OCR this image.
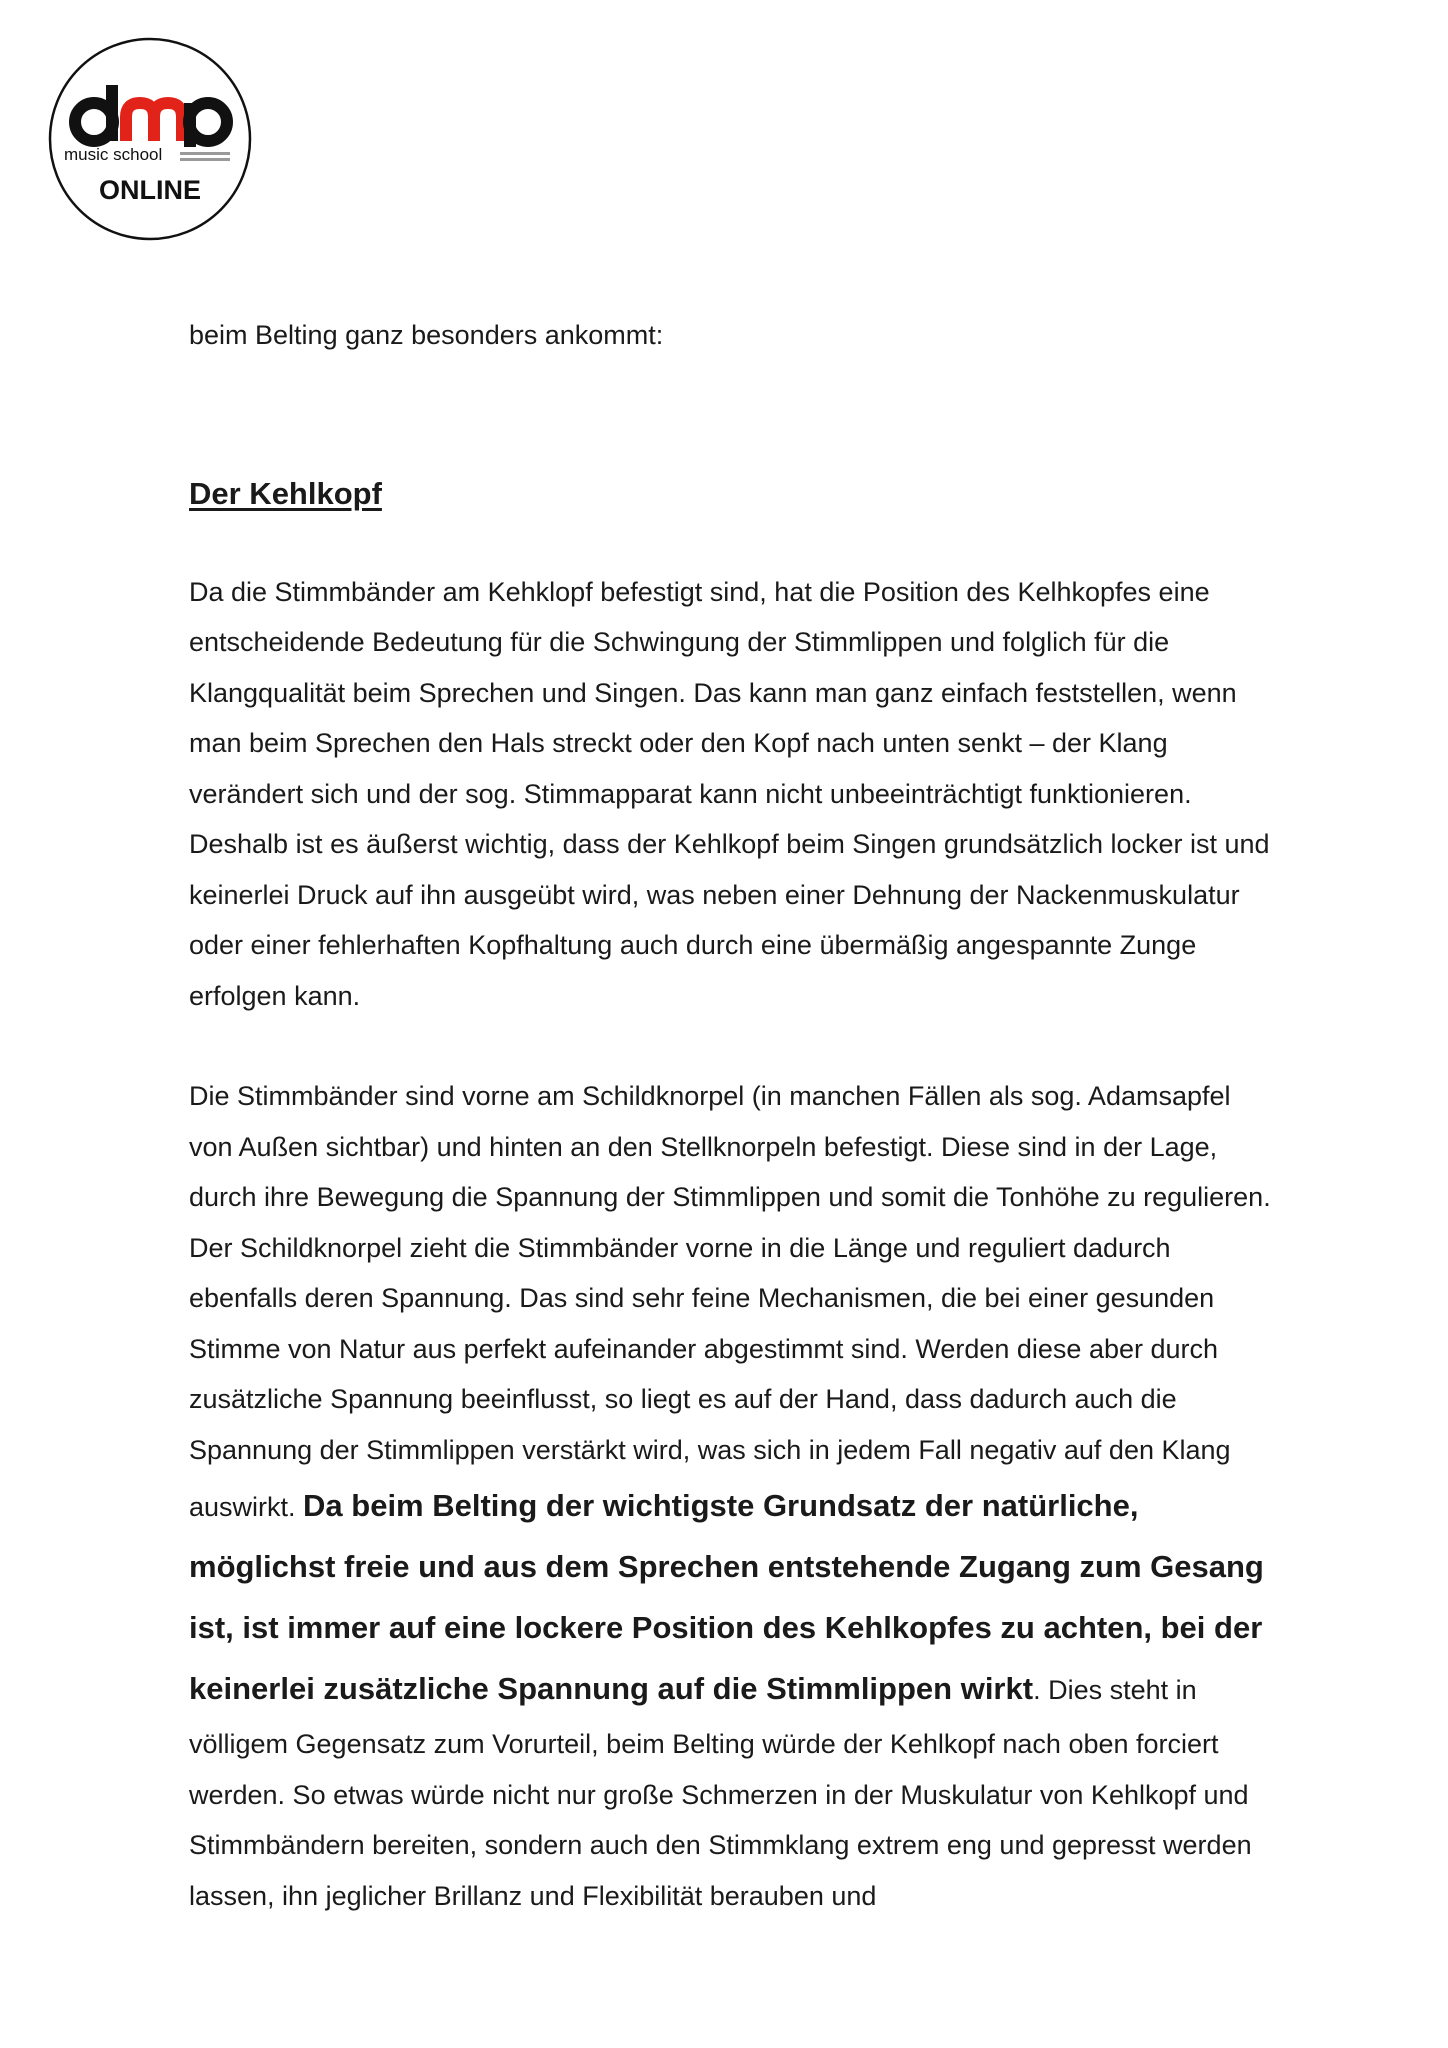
music school
ONLINE

beim Belting ganz besonders ankommt:

Der Kehlkopf

Da die Stimmbänder am Kehklopf befestigt sind, hat die Position des Kelhkopfes eine entscheidende Bedeutung für die Schwingung der Stimmlippen und folglich für die Klangqualität beim Sprechen und Singen. Das kann man ganz einfach feststellen, wenn man beim Sprechen den Hals streckt oder den Kopf nach unten senkt – der Klang verändert sich und der sog. Stimmapparat kann nicht unbeeinträchtigt funktionieren. Deshalb ist es äußerst wichtig, dass der Kehlkopf beim Singen grundsätzlich locker ist und keinerlei Druck auf ihn ausgeübt wird, was neben einer Dehnung der Nackenmuskulatur oder einer fehlerhaften Kopfhaltung auch durch eine übermäßig angespannte Zunge erfolgen kann.

Die Stimmbänder sind vorne am Schildknorpel (in manchen Fällen als sog. Adamsapfel von Außen sichtbar) und hinten an den Stellknorpeln befestigt. Diese sind in der Lage, durch ihre Bewegung die Spannung der Stimmlippen und somit die Tonhöhe zu regulieren. Der Schildknorpel zieht die Stimmbänder vorne in die Länge und reguliert dadurch ebenfalls deren Spannung. Das sind sehr feine Mechanismen, die bei einer gesunden Stimme von Natur aus perfekt aufeinander abgestimmt sind. Werden diese aber durch zusätzliche Spannung beeinflusst, so liegt es auf der Hand, dass dadurch auch die Spannung der Stimmlippen verstärkt wird, was sich in jedem Fall negativ auf den Klang auswirkt. Da beim Belting der wichtigste Grundsatz der natürliche, möglichst freie und aus dem Sprechen entstehende Zugang zum Gesang ist, ist immer auf eine lockere Position des Kehlkopfes zu achten, bei der keinerlei zusätzliche Spannung auf die Stimmlippen wirkt. Dies steht in völligem Gegensatz zum Vorurteil, beim Belting würde der Kehlkopf nach oben forciert werden. So etwas würde nicht nur große Schmerzen in der Muskulatur von Kehlkopf und Stimmbändern bereiten, sondern auch den Stimmklang extrem eng und gepresst werden lassen, ihn jeglicher Brillanz und Flexibilität berauben und
